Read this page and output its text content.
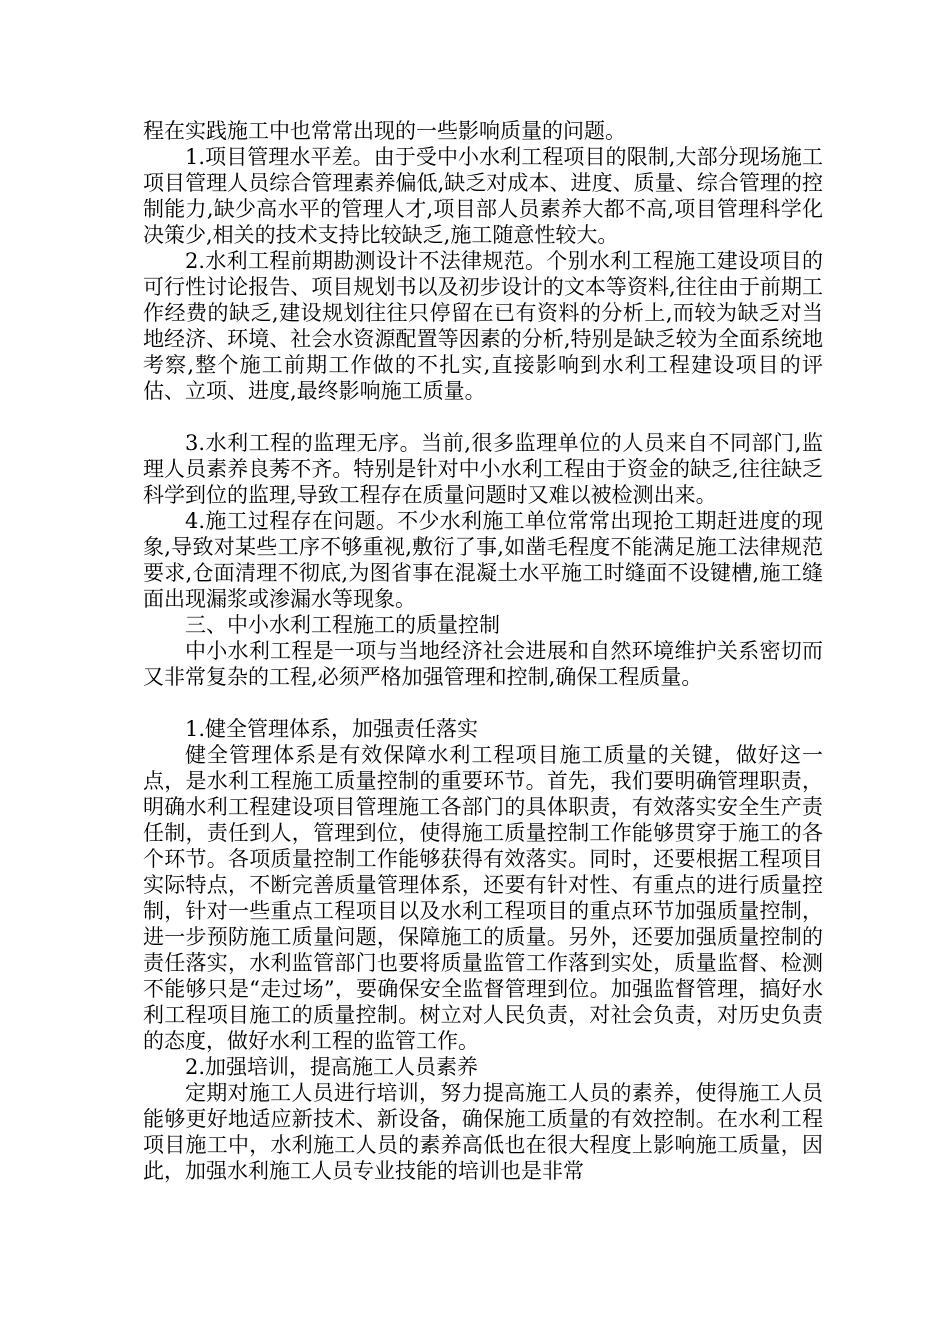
程在实践施工中也常常出现的一些影响质量的问题。

1.项目管理水平差。由于受中小水利工程项目的限制,大部分现场施工项目管理人员综合管理素养偏低,缺乏对成本、进度、质量、综合管理的控制能力,缺少高水平的管理人才,项目部人员素养大都不高,项目管理科学化决策少,相关的技术支持比较缺乏,施工随意性较大。

2.水利工程前期勘测设计不法律规范。个别水利工程施工建设项目的可行性讨论报告、项目规划书以及初步设计的文本等资料,往往由于前期工作经费的缺乏,建设规划往往只停留在已有资料的分析上,而较为缺乏对当地经济、环境、社会水资源配置等因素的分析,特别是缺乏较为全面系统地考察,整个施工前期工作做的不扎实,直接影响到水利工程建设项目的评估、立项、进度,最终影响施工质量。

3.水利工程的监理无序。当前,很多监理单位的人员来自不同部门,监理人员素养良莠不齐。特别是针对中小水利工程由于资金的缺乏,往往缺乏科学到位的监理,导致工程存在质量问题时又难以被检测出来。

4.施工过程存在问题。不少水利施工单位常常出现抢工期赶进度的现象,导致对某些工序不够重视,敷衍了事,如凿毛程度不能满足施工法律规范要求,仓面清理不彻底,为图省事在混凝土水平施工时缝面不设键槽,施工缝面出现漏浆或渗漏水等现象。

三、中小水利工程施工的质量控制

中小水利工程是一项与当地经济社会进展和自然环境维护关系密切而又非常复杂的工程,必须严格加强管理和控制,确保工程质量。

1.健全管理体系，加强责任落实

健全管理体系是有效保障水利工程项目施工质量的关键，做好这一点，是水利工程施工质量控制的重要环节。首先，我们要明确管理职责，明确水利工程建设项目管理施工各部门的具体职责，有效落实安全生产责任制，责任到人，管理到位，使得施工质量控制工作能够贯穿于施工的各个环节。各项质量控制工作能够获得有效落实。同时，还要根据工程项目实际特点，不断完善质量管理体系，还要有针对性、有重点的进行质量控制，针对一些重点工程项目以及水利工程项目的重点环节加强质量控制，进一步预防施工质量问题，保障施工的质量。另外，还要加强质量控制的责任落实，水利监管部门也要将质量监管工作落到实处，质量监督、检测不能够只是“走过场”，要确保安全监督管理到位。加强监督管理，搞好水利工程项目施工的质量控制。树立对人民负责，对社会负责，对历史负责的态度，做好水利工程的监管工作。

2.加强培训，提高施工人员素养

定期对施工人员进行培训，努力提高施工人员的素养，使得施工人员能够更好地适应新技术、新设备，确保施工质量的有效控制。在水利工程项目施工中，水利施工人员的素养高低也在很大程度上影响施工质量，因此，加强水利施工人员专业技能的培训也是非常
